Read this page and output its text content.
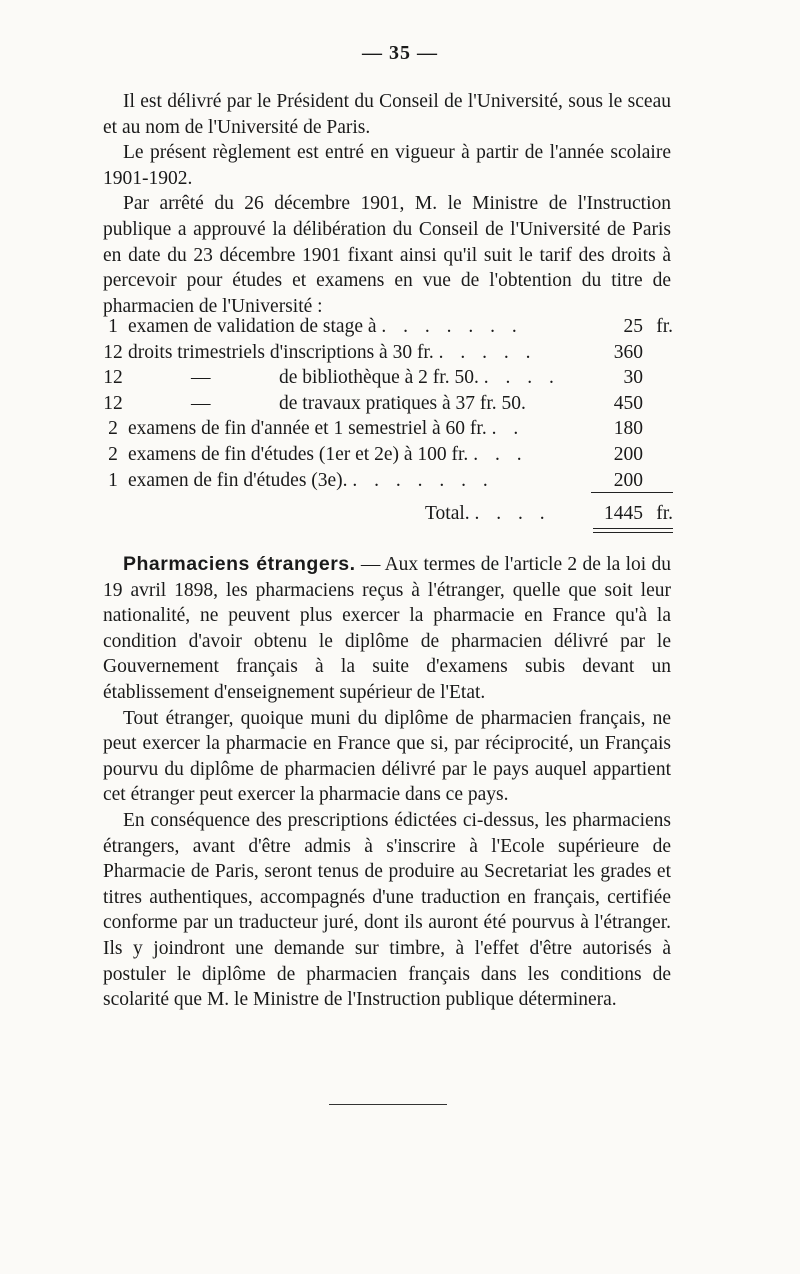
— 35 —

Il est délivré par le Président du Conseil de l'Université, sous le sceau et au nom de l'Université de Paris.

Le présent règlement est entré en vigueur à partir de l'année scolaire 1901-1902.

Par arrêté du 26 décembre 1901, M. le Ministre de l'Instruction publique a approuvé la délibération du Conseil de l'Université de Paris en date du 23 décembre 1901 fixant ainsi qu'il suit le tarif des droits à percevoir pour études et examens en vue de l'obtention du titre de pharmacien de l'Université :

1 examen de validation de stage à . . . . . . .	25 fr.
12 droits trimestriels d'inscriptions à 30 fr. . . . . .	360
12	—	de bibliothèque à 2 fr. 50. . . . .	30
12	—	de travaux pratiques à 37 fr. 50.	450
2 examens de fin d'année et 1 semestriel à 60 fr. . .	180
2 examens de fin d'études (1er et 2e) à 100 fr. . . .	200
1 examen de fin d'études (3e). . . . . . . .	200
Total. . . . .	1445 fr.

Pharmaciens étrangers. — Aux termes de l'article 2 de la loi du 19 avril 1898, les pharmaciens reçus à l'étranger, quelle que soit leur nationalité, ne peuvent plus exercer la pharmacie en France qu'à la condition d'avoir obtenu le diplôme de pharmacien délivré par le Gouvernement français à la suite d'examens subis devant un établissement d'enseignement supérieur de l'Etat.

Tout étranger, quoique muni du diplôme de pharmacien français, ne peut exercer la pharmacie en France que si, par réciprocité, un Français pourvu du diplôme de pharmacien délivré par le pays auquel appartient cet étranger peut exercer la pharmacie dans ce pays.

En conséquence des prescriptions édictées ci-dessus, les pharmaciens étrangers, avant d'être admis à s'inscrire à l'Ecole supérieure de Pharmacie de Paris, seront tenus de produire au Secretariat les grades et titres authentiques, accompagnés d'une traduction en français, certifiée conforme par un traducteur juré, dont ils auront été pourvus à l'étranger. Ils y joindront une demande sur timbre, à l'effet d'être autorisés à postuler le diplôme de pharmacien français dans les conditions de scolarité que M. le Ministre de l'Instruction publique déterminera.
